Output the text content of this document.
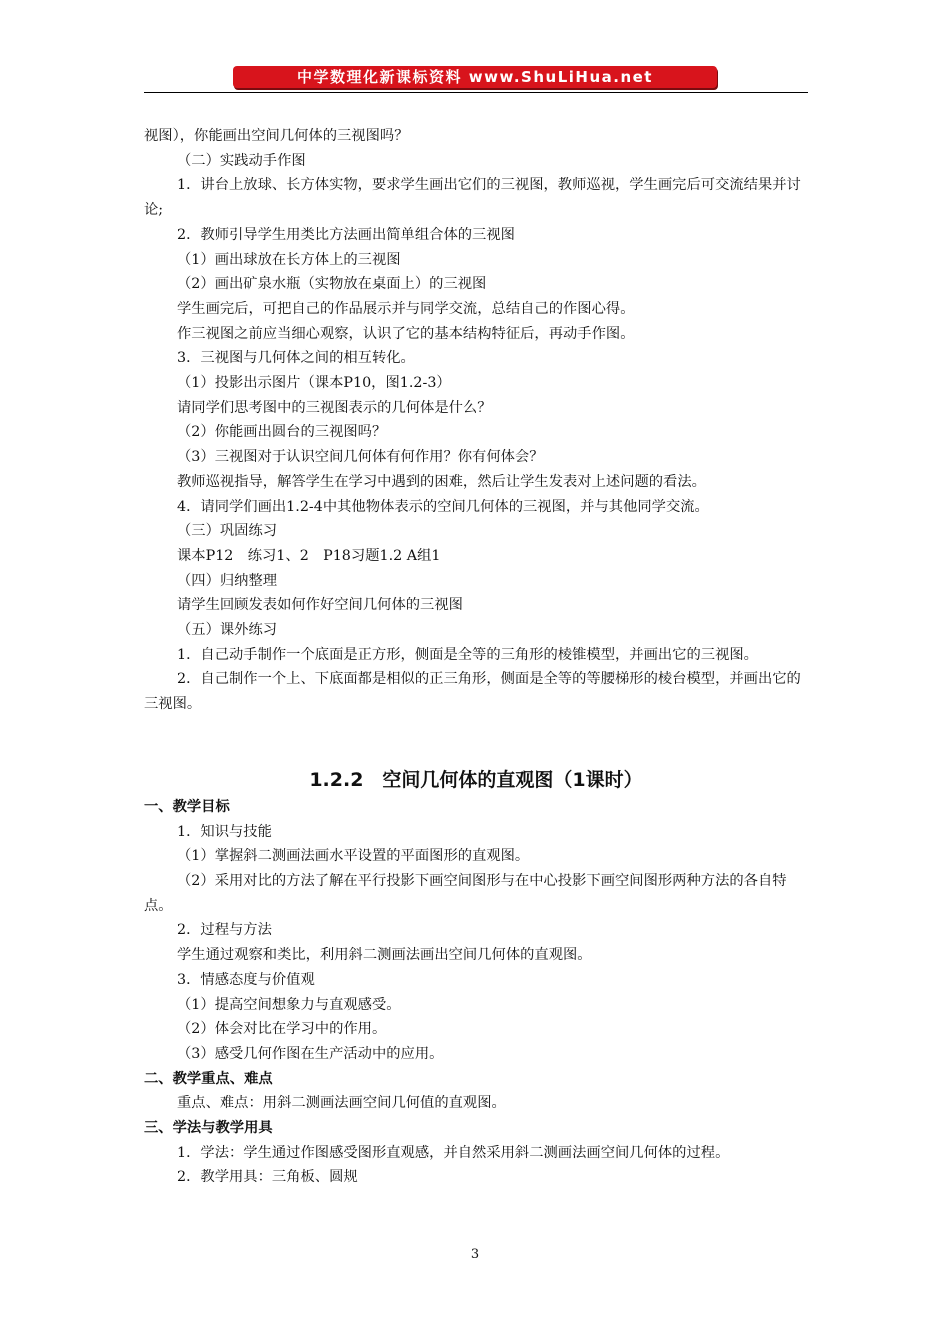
中学数理化新课标资料 www.ShuLiHua.net

视图），你能画出空间几何体的三视图吗？

（二）实践动手作图

1．讲台上放球、长方体实物，要求学生画出它们的三视图，教师巡视，学生画完后可交流结果并讨论;

2．教师引导学生用类比方法画出简单组合体的三视图

（1）画出球放在长方体上的三视图

（2）画出矿泉水瓶（实物放在桌面上）的三视图

学生画完后，可把自己的作品展示并与同学交流，总结自己的作图心得。

作三视图之前应当细心观察，认识了它的基本结构特征后，再动手作图。

3．三视图与几何体之间的相互转化。

（1）投影出示图片（课本P10，图1.2-3）

请同学们思考图中的三视图表示的几何体是什么？

（2）你能画出圆台的三视图吗？

（3）三视图对于认识空间几何体有何作用？你有何体会？

教师巡视指导，解答学生在学习中遇到的困难，然后让学生发表对上述问题的看法。

4．请同学们画出1.2-4中其他物体表示的空间几何体的三视图，并与其他同学交流。

（三）巩固练习

课本P12　练习1、2　P18习题1.2 A组1

（四）归纳整理

请学生回顾发表如何作好空间几何体的三视图

（五）课外练习

1．自己动手制作一个底面是正方形，侧面是全等的三角形的棱锥模型，并画出它的三视图。

2．自己制作一个上、下底面都是相似的正三角形，侧面是全等的等腰梯形的棱台模型，并画出它的三视图。

1.2.2　空间几何体的直观图（1课时）

一、教学目标

1．知识与技能

（1）掌握斜二测画法画水平设置的平面图形的直观图。

（2）采用对比的方法了解在平行投影下画空间图形与在中心投影下画空间图形两种方法的各自特点。

2．过程与方法

学生通过观察和类比，利用斜二测画法画出空间几何体的直观图。

3．情感态度与价值观

（1）提高空间想象力与直观感受。

（2）体会对比在学习中的作用。

（3）感受几何作图在生产活动中的应用。

二、教学重点、难点

重点、难点：用斜二测画法画空间几何值的直观图。

三、学法与教学用具

1．学法：学生通过作图感受图形直观感，并自然采用斜二测画法画空间几何体的过程。

2．教学用具：三角板、圆规

3
